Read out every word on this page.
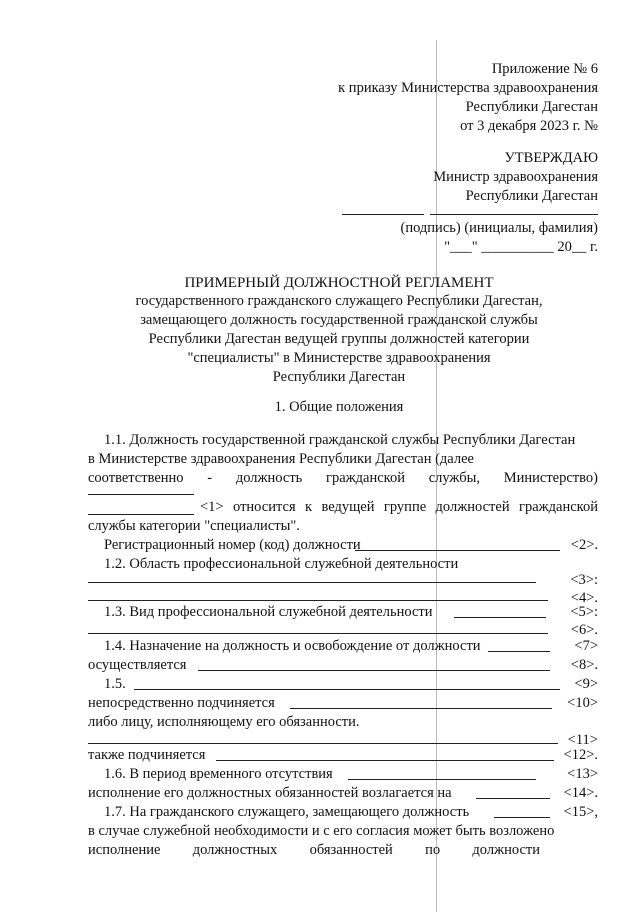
Приложение № 6
к приказу Министерства здравоохранения
Республики Дагестан
от 3 декабря 2023 г. №
УТВЕРЖДАЮ
Министр здравоохранения
Республики Дагестан
(подпись) (инициалы, фамилия)
"___" __________ 20__ г.
ПРИМЕРНЫЙ ДОЛЖНОСТНОЙ РЕГЛАМЕНТ
государственного гражданского служащего Республики Дагестан,
замещающего должность государственной гражданской службы
Республики Дагестан ведущей группы должностей категории
"специалисты" в Министерстве здравоохранения
Республики Дагестан
1. Общие положения
1.1. Должность государственной гражданской службы Республики Дагестан
в Министерстве здравоохранения Республики Дагестан (далее
соответственно - должность гражданской службы, Министерство)
<1> относится к ведущей группе должностей гражданской
службы категории "специалисты".
Регистрационный номер (код) должности	<2>.
1.2. Область профессиональной служебной деятельности
<3>:
<4>.
1.3. Вид профессиональной служебной деятельности	<5>:
<6>.
1.4. Назначение на должность и освобождение от должности	<7>
осуществляется	<8>.
1.5.	<9>
непосредственно подчиняется	<10>
либо лицу, исполняющему его обязанности.
<11>
также подчиняется	<12>.
1.6. В период временного отсутствия	<13>
исполнение его должностных обязанностей возлагается на	<14>.
1.7. На гражданского служащего, замещающего должность	<15>,
в случае служебной необходимости и с его согласия может быть возложено
исполнение должностных обязанностей по должности
